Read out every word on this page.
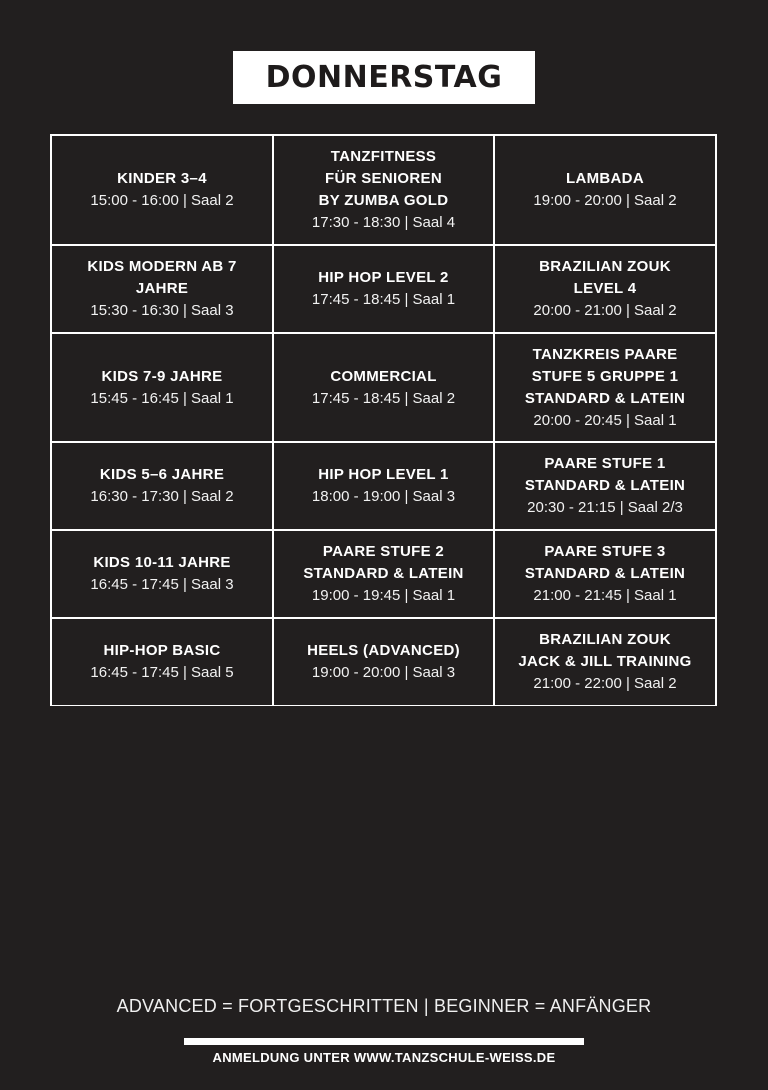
DONNERSTAG
KINDER 3–4
15:00 - 16:00 | Saal 2
TANZFITNESS
FÜR SENIOREN
BY ZUMBA GOLD
17:30 - 18:30 | Saal 4
LAMBADA
19:00 - 20:00 | Saal 2
KIDS MODERN AB 7
JAHRE
15:30 - 16:30 | Saal 3
HIP HOP LEVEL 2
17:45 - 18:45 | Saal 1
BRAZILIAN ZOUK
LEVEL 4
20:00 - 21:00 | Saal 2
KIDS 7-9 JAHRE
15:45 - 16:45 | Saal 1
COMMERCIAL
17:45 - 18:45 | Saal 2
TANZKREIS PAARE
STUFE 5 GRUPPE 1
STANDARD & LATEIN
20:00 - 20:45 | Saal 1
KIDS 5–6 JAHRE
16:30 - 17:30 | Saal 2
HIP HOP LEVEL 1
18:00 - 19:00 | Saal 3
PAARE STUFE 1
STANDARD & LATEIN
20:30 - 21:15 | Saal 2/3
KIDS 10-11 JAHRE
16:45 - 17:45 | Saal 3
PAARE STUFE 2
STANDARD & LATEIN
19:00 - 19:45 | Saal 1
PAARE STUFE 3
STANDARD & LATEIN
21:00 - 21:45 | Saal 1
HIP-HOP BASIC
16:45 - 17:45 | Saal 5
HEELS (ADVANCED)
19:00 - 20:00 | Saal 3
BRAZILIAN ZOUK
JACK & JILL TRAINING
21:00 - 22:00 | Saal 2
ADVANCED = FORTGESCHRITTEN | BEGINNER = ANFÄNGER
ANMELDUNG UNTER WWW.TANZSCHULE-WEISS.DE
